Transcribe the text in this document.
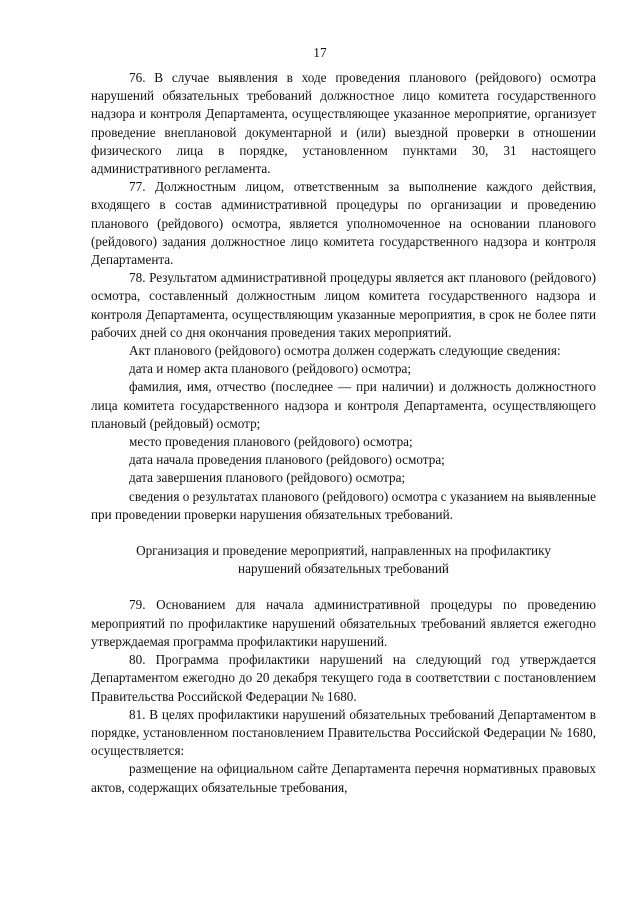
17

76. В случае выявления в ходе проведения планового (рейдового) осмотра нарушений обязательных требований должностное лицо комитета государственного надзора и контроля Департамента, осуществляющее указанное мероприятие, организует проведение внеплановой документарной и (или) выездной проверки в отношении физического лица в порядке, установленном пунктами 30, 31 настоящего административного регламента.

77. Должностным лицом, ответственным за выполнение каждого действия, входящего в состав административной процедуры по организации и проведению планового (рейдового) осмотра, является уполномоченное на основании планового (рейдового) задания должностное лицо комитета государственного надзора и контроля Департамента.

78. Результатом административной процедуры является акт планового (рейдового) осмотра, составленный должностным лицом комитета государственного надзора и контроля Департамента, осуществляющим указанные мероприятия, в срок не более пяти рабочих дней со дня окончания проведения таких мероприятий.

Акт планового (рейдового) осмотра должен содержать следующие сведения:

дата и номер акта планового (рейдового) осмотра;

фамилия, имя, отчество (последнее — при наличии) и должность должностного лица комитета государственного надзора и контроля Департамента, осуществляющего плановый (рейдовый) осмотр;

место проведения планового (рейдового) осмотра;

дата начала проведения планового (рейдового) осмотра;

дата завершения планового (рейдового) осмотра;

сведения о результатах планового (рейдового) осмотра с указанием на выявленные при проведении проверки нарушения обязательных требований.

Организация и проведение мероприятий, направленных на профилактику
нарушений обязательных требований

79. Основанием для начала административной процедуры по проведению мероприятий по профилактике нарушений обязательных требований является ежегодно утверждаемая программа профилактики нарушений.

80. Программа профилактики нарушений на следующий год утверждается Департаментом ежегодно до 20 декабря текущего года в соответствии с постановлением Правительства Российской Федерации № 1680.

81. В целях профилактики нарушений обязательных требований Департаментом в порядке, установленном постановлением Правительства Российской Федерации № 1680, осуществляется:

размещение на официальном сайте Департамента перечня нормативных правовых актов, содержащих обязательные требования,
